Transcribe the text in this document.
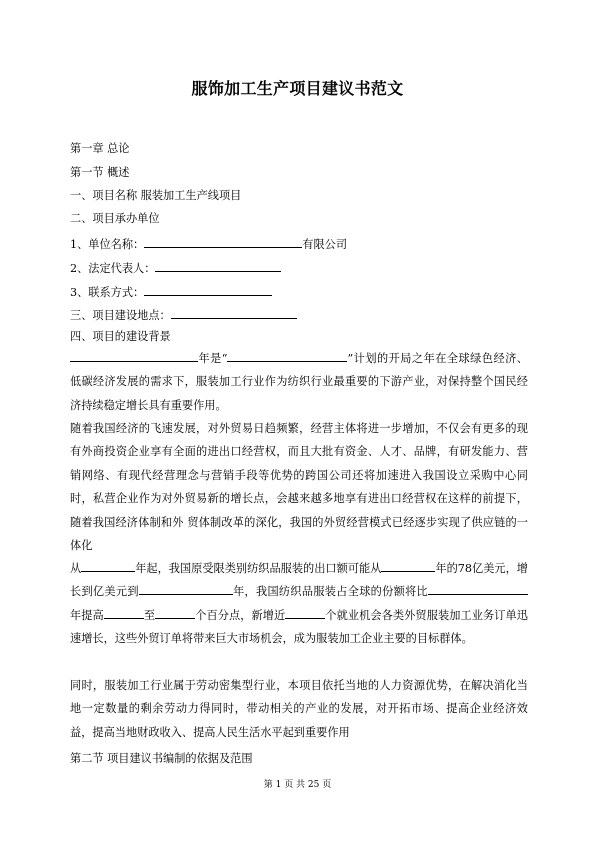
服饰加工生产项目建议书范文
第一章 总论
第一节 概述
一、项目名称 服装加工生产线项目
二、项目承办单位
1、单位名称：	有限公司
2、法定代表人：
3、联系方式：
三、项目建设地点：
四、项目的建设背景
年是“	”计划的开局之年在全球绿色经济、低碳经济发展的需求下，服装加工行业作为纺织行业最重要的下游产业，对保持整个国民经济持续稳定增长具有重要作用。
随着我国经济的飞速发展，对外贸易日趋频繁，经营主体将进一步增加，不仅会有更多的现有外商投资企业享有全面的进出口经营权，而且大批有资金、人才、品牌，有研发能力、营销网络、有现代经营理念与营销手段等优势的跨国公司还将加速进入我国设立采购中心同时，私营企业作为对外贸易新的增长点，会越来越多地享有进出口经营权在这样的前提下，随着我国经济体制和外 贸体制改革的深化，我国的外贸经营模式已经逐步实现了供应链的一体化
从	年起，我国原受限类别纺织品服装的出口额可能从	年的78亿美元，增长到亿美元到	年，我国纺织品服装占全球的份额将比年提高	至	个百分点，新增近	个就业机会各类外贸服装加工业务订单迅速增长，这些外贸订单将带来巨大市场机会，成为服装加工企业主要的目标群体。
同时，服装加工行业属于劳动密集型行业，本项目依托当地的人力资源优势，在解决消化当地一定数量的剩余劳动力得同时，带动相关的产业的发展，对开拓市场、提高企业经济效益，提高当地财政收入、提高人民生活水平起到重要作用
第二节 项目建议书编制的依据及范围
第 1 页 共 25 页
